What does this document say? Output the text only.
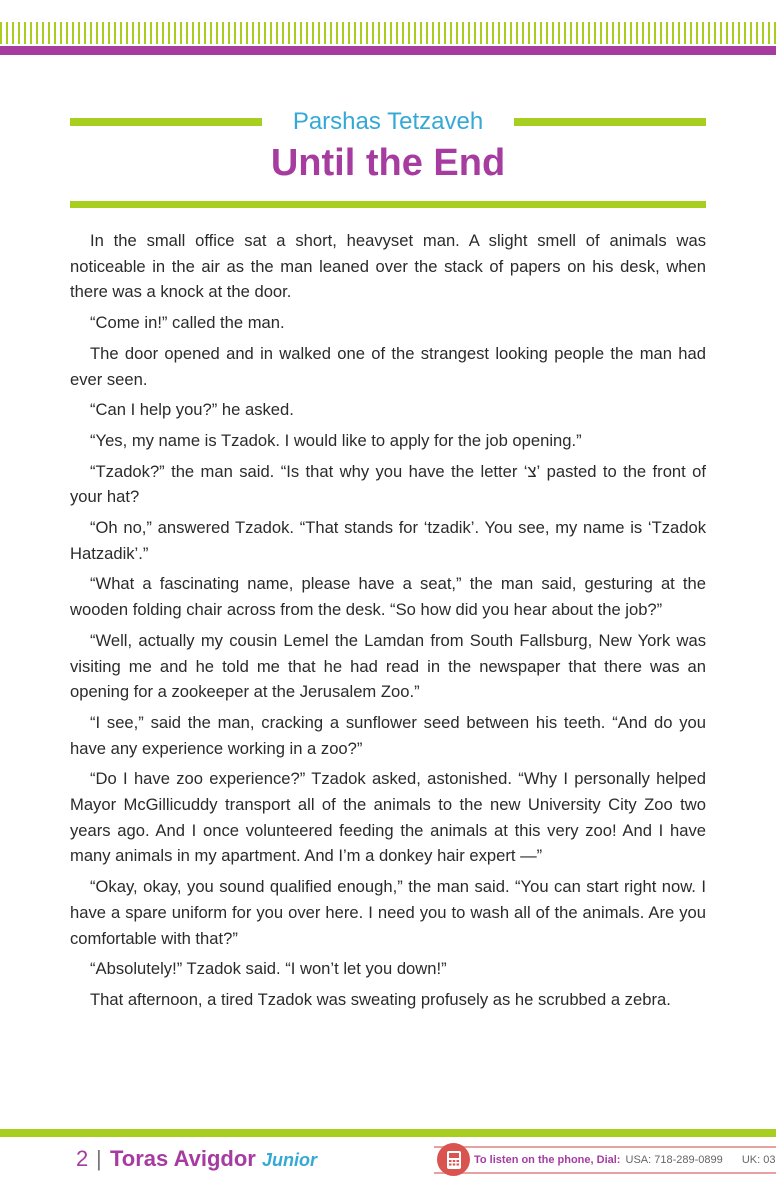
Parshas Tetzaveh
Until the End

In the small office sat a short, heavyset man. A slight smell of animals was noticeable in the air as the man leaned over the stack of papers on his desk, when there was a knock at the door.

“Come in!” called the man.

The door opened and in walked one of the strangest looking people the man had ever seen.

“Can I help you?” he asked.

“Yes, my name is Tzadok. I would like to apply for the job opening.”

“Tzadok?” the man said. “Is that why you have the letter ‘צ’ pasted to the front of your hat?

“Oh no,” answered Tzadok. “That stands for ‘tzadik’. You see, my name is ‘Tzadok Hatzadik’.”

“What a fascinating name, please have a seat,” the man said, gesturing at the wooden folding chair across from the desk. “So how did you hear about the job?”

“Well, actually my cousin Lemel the Lamdan from South Fallsburg, New York was visiting me and he told me that he had read in the newspaper that there was an opening for a zookeeper at the Jerusalem Zoo.”

“I see,” said the man, cracking a sunflower seed between his teeth. “And do you have any experience working in a zoo?”

“Do I have zoo experience?” Tzadok asked, astonished. “Why I personally helped Mayor McGillicuddy transport all of the animals to the new University City Zoo two years ago. And I once volunteered feeding the animals at this very zoo! And I have many animals in my apartment. And I’m a donkey hair expert —”

“Okay, okay, you sound qualified enough,” the man said. “You can start right now. I have a spare uniform for you over here. I need you to wash all of the animals. Are you comfortable with that?”

“Absolutely!” Tzadok said. “I won’t let you down!”

That afternoon, a tired Tzadok was sweating profusely as he scrubbed a zebra.

2 | Toras Avigdor Junior	To listen on the phone, Dial: USA: 718-289-0899 UK: 03
